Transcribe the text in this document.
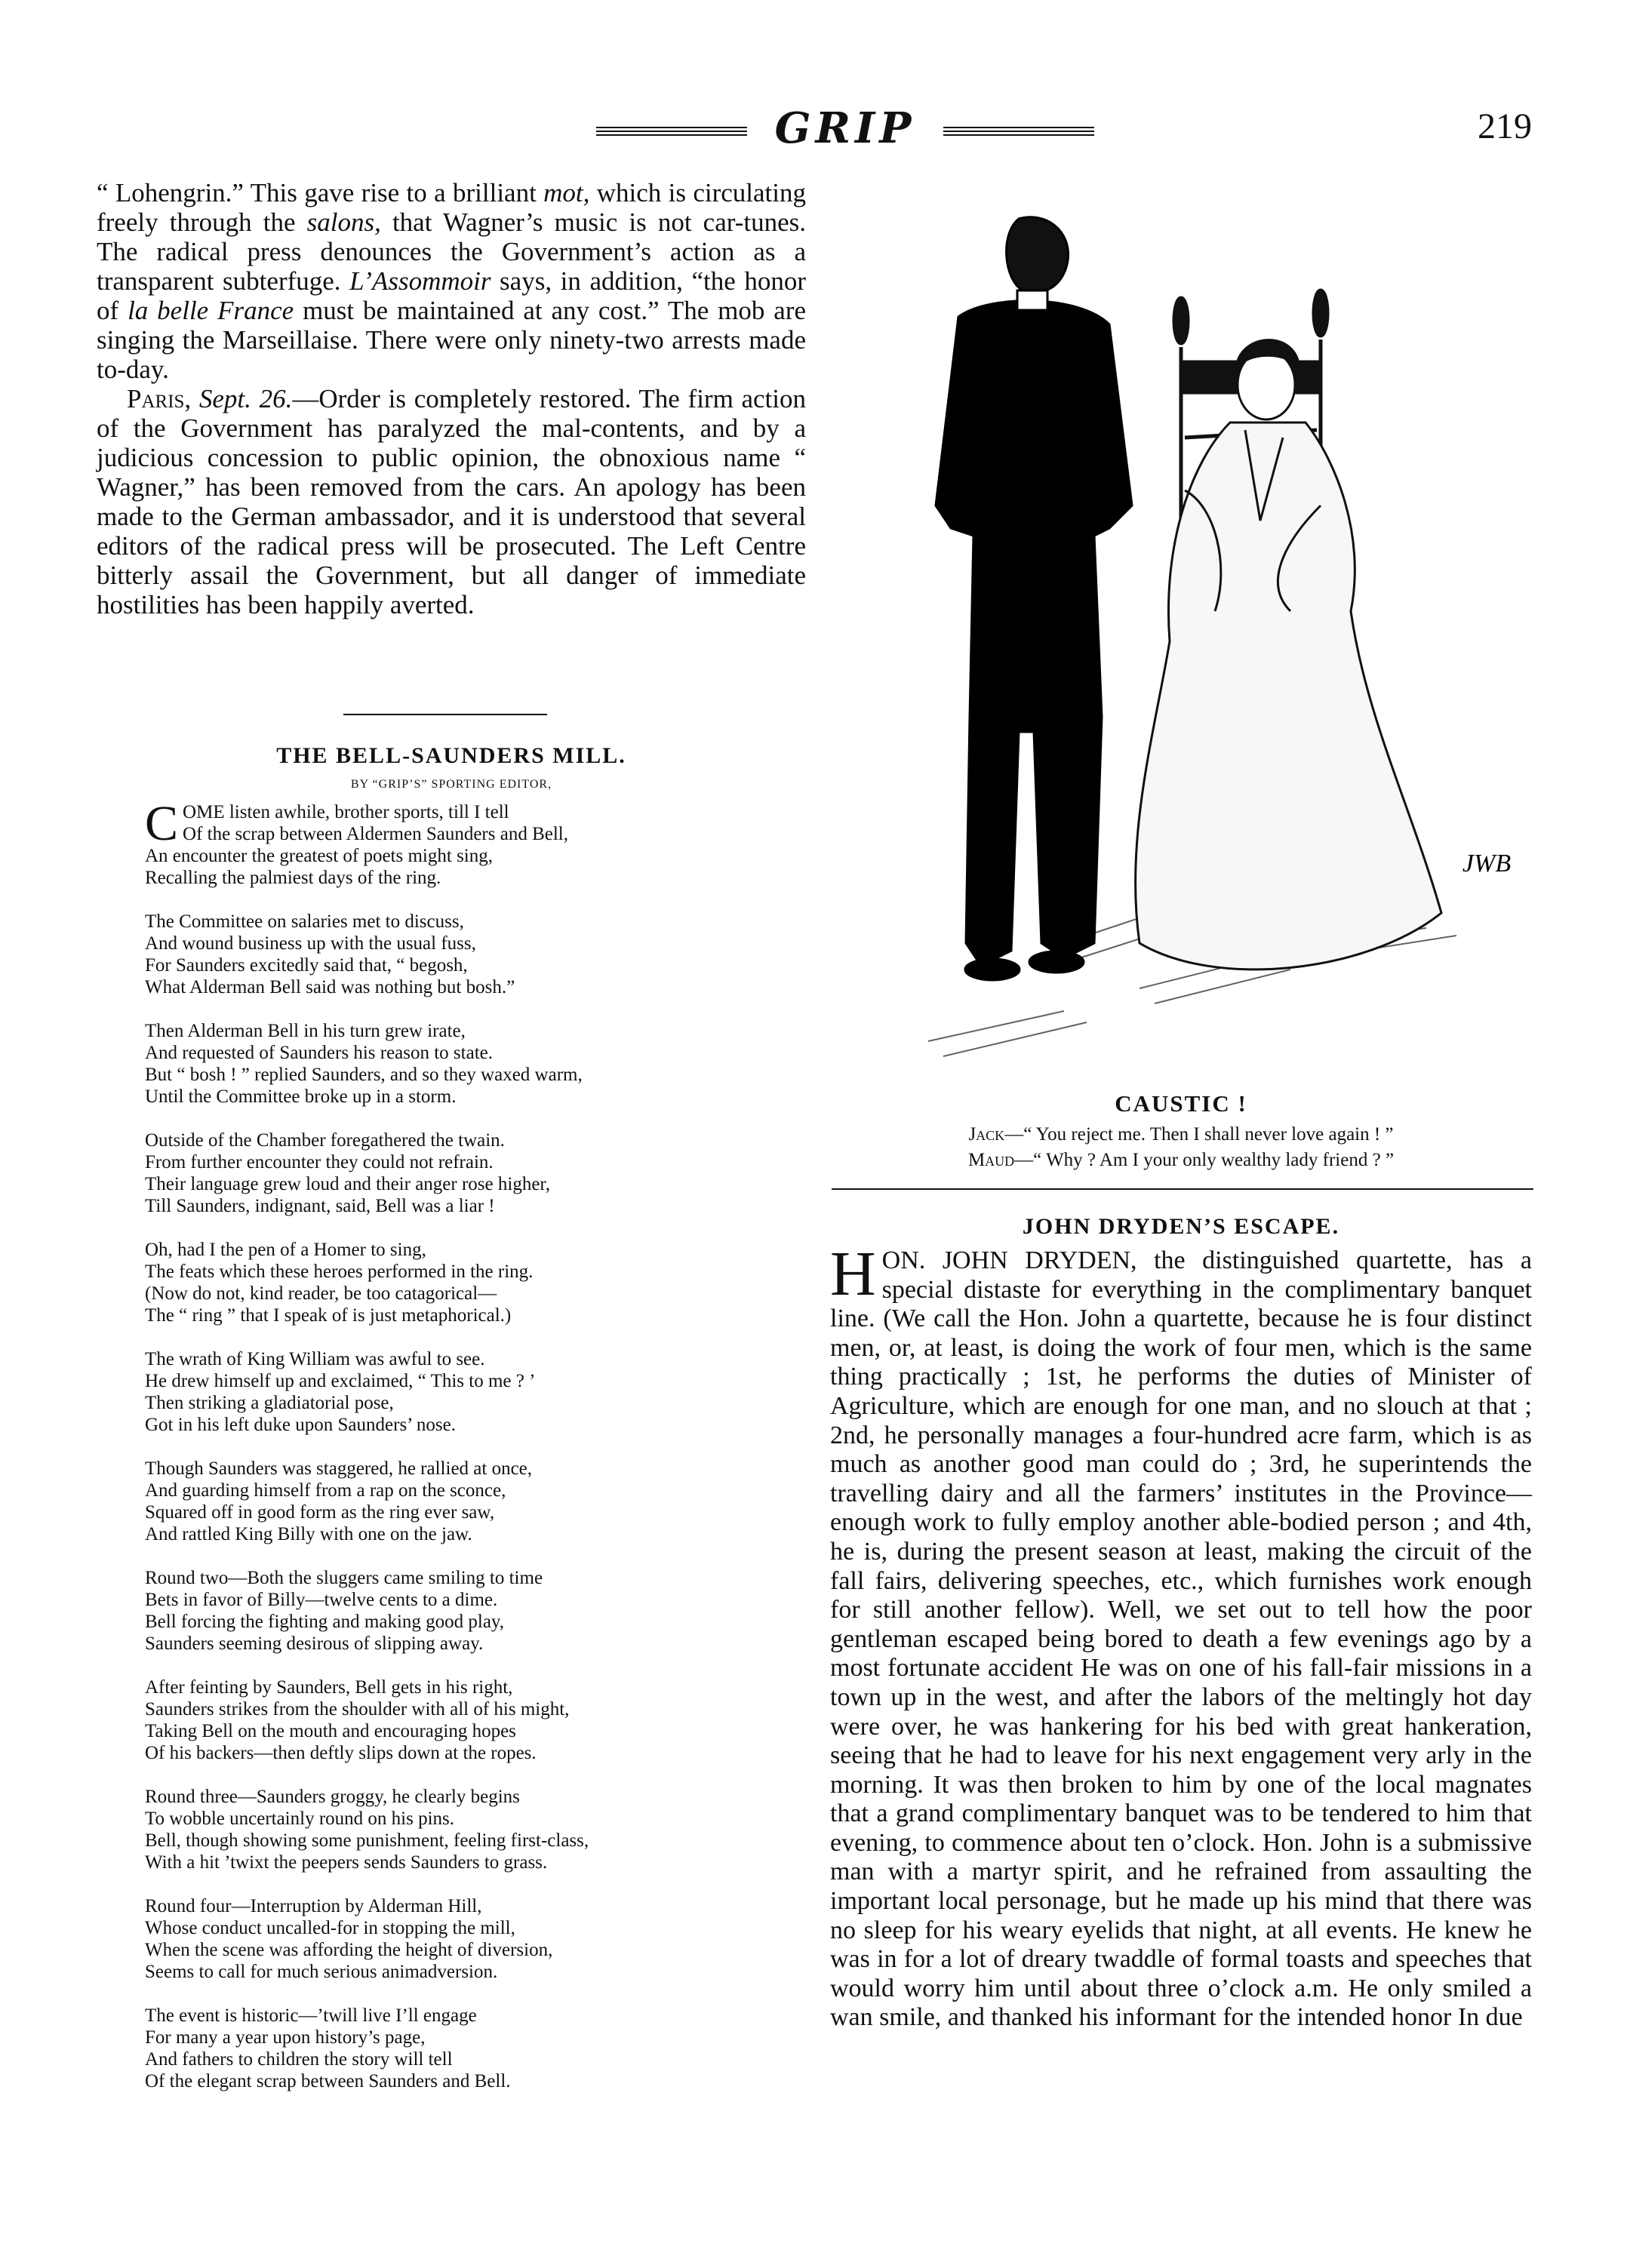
GRIP	219

“ Lohengrin.” This gave rise to a brilliant mot, which is circulating freely through the salons, that Wagner’s music is not car-tunes. The radical press denounces the Government’s action as a transparent subterfuge. L’Assommoir says, in addition, “the honor of la belle France must be maintained at any cost.” The mob are singing the Marseillaise. There were only ninety-two arrests made to-day.

Paris, Sept. 26.—Order is completely restored. The firm action of the Government has paralyzed the mal-contents, and by a judicious concession to public opinion, the obnoxious name “ Wagner,” has been removed from the cars. An apology has been made to the German ambassador, and it is understood that several editors of the radical press will be prosecuted. The Left Centre bitterly assail the Government, but all danger of immediate hostilities has been happily averted.

THE BELL-SAUNDERS MILL.
BY “GRIP’S” SPORTING EDITOR,
C OME listen awhile, brother sports, till I tell
Of the scrap between Aldermen Saunders and Bell,
An encounter the greatest of poets might sing,
Recalling the palmiest days of the ring.
The Committee on salaries met to discuss,
And wound business up with the usual fuss,
For Saunders excitedly said that, “ begosh,
What Alderman Bell said was nothing but bosh.”
Then Alderman Bell in his turn grew irate,
And requested of Saunders his reason to state.
But “ bosh ! ” replied Saunders, and so they waxed warm,
Until the Committee broke up in a storm.
Outside of the Chamber foregathered the twain.
From further encounter they could not refrain.
Their language grew loud and their anger rose higher,
Till Saunders, indignant, said, Bell was a liar !
Oh, had I the pen of a Homer to sing,
The feats which these heroes performed in the ring.
(Now do not, kind reader, be too catagorical—
The “ ring ” that I speak of is just metaphorical.)
The wrath of King William was awful to see.
He drew himself up and exclaimed, “ This to me ? ’
Then striking a gladiatorial pose,
Got in his left duke upon Saunders’ nose.
Though Saunders was staggered, he rallied at once,
And guarding himself from a rap on the sconce,
Squared off in good form as the ring ever saw,
And rattled King Billy with one on the jaw.
Round two—Both the sluggers came smiling to time
Bets in favor of Billy—twelve cents to a dime.
Bell forcing the fighting and making good play,
Saunders seeming desirous of slipping away.
After feinting by Saunders, Bell gets in his right,
Saunders strikes from the shoulder with all of his might,
Taking Bell on the mouth and encouraging hopes
Of his backers—then deftly slips down at the ropes.
Round three—Saunders groggy, he clearly begins
To wobble uncertainly round on his pins.
Bell, though showing some punishment, feeling first-class,
With a hit ’twixt the peepers sends Saunders to grass.
Round four—Interruption by Alderman Hill,
Whose conduct uncalled-for in stopping the mill,
When the scene was affording the height of diversion,
Seems to call for much serious animadversion.
The event is historic—’twill live I’ll engage
For many a year upon history’s page,
And fathers to children the story will tell
Of the elegant scrap between Saunders and Bell.
JWB
CAUSTIC !
Jack—“ You reject me. Then I shall never love again ! ”
Maud—“ Why ? Am I your only wealthy lady friend ? ”
JOHN DRYDEN’S ESCAPE.
HON. JOHN DRYDEN, the distinguished quartette, has a special distaste for everything in the complimentary banquet line. (We call the Hon. John a quartette, because he is four distinct men, or, at least, is doing the work of four men, which is the same thing practically ; 1st, he performs the duties of Minister of Agriculture, which are enough for one man, and no slouch at that ; 2nd, he personally manages a four-hundred acre farm, which is as much as another good man could do ; 3rd, he superintends the travelling dairy and all the farmers’ institutes in the Province—enough work to fully employ another able-bodied person ; and 4th, he is, during the present season at least, making the circuit of the fall fairs, delivering speeches, etc., which furnishes work enough for still another fellow). Well, we set out to tell how the poor gentleman escaped being bored to death a few evenings ago by a most fortunate accident He was on one of his fall-fair missions in a town up in the west, and after the labors of the meltingly hot day were over, he was hankering for his bed with great hankeration, seeing that he had to leave for his next engagement very arly in the morning. It was then broken to him by one of the local magnates that a grand complimentary banquet was to be tendered to him that evening, to commence about ten o’clock. Hon. John is a submissive man with a martyr spirit, and he refrained from assaulting the important local personage, but he made up his mind that there was no sleep for his weary eyelids that night, at all events. He knew he was in for a lot of dreary twaddle of formal toasts and speeches that would worry him until about three o’clock a.m. He only smiled a wan smile, and thanked his informant for the intended honor In due
